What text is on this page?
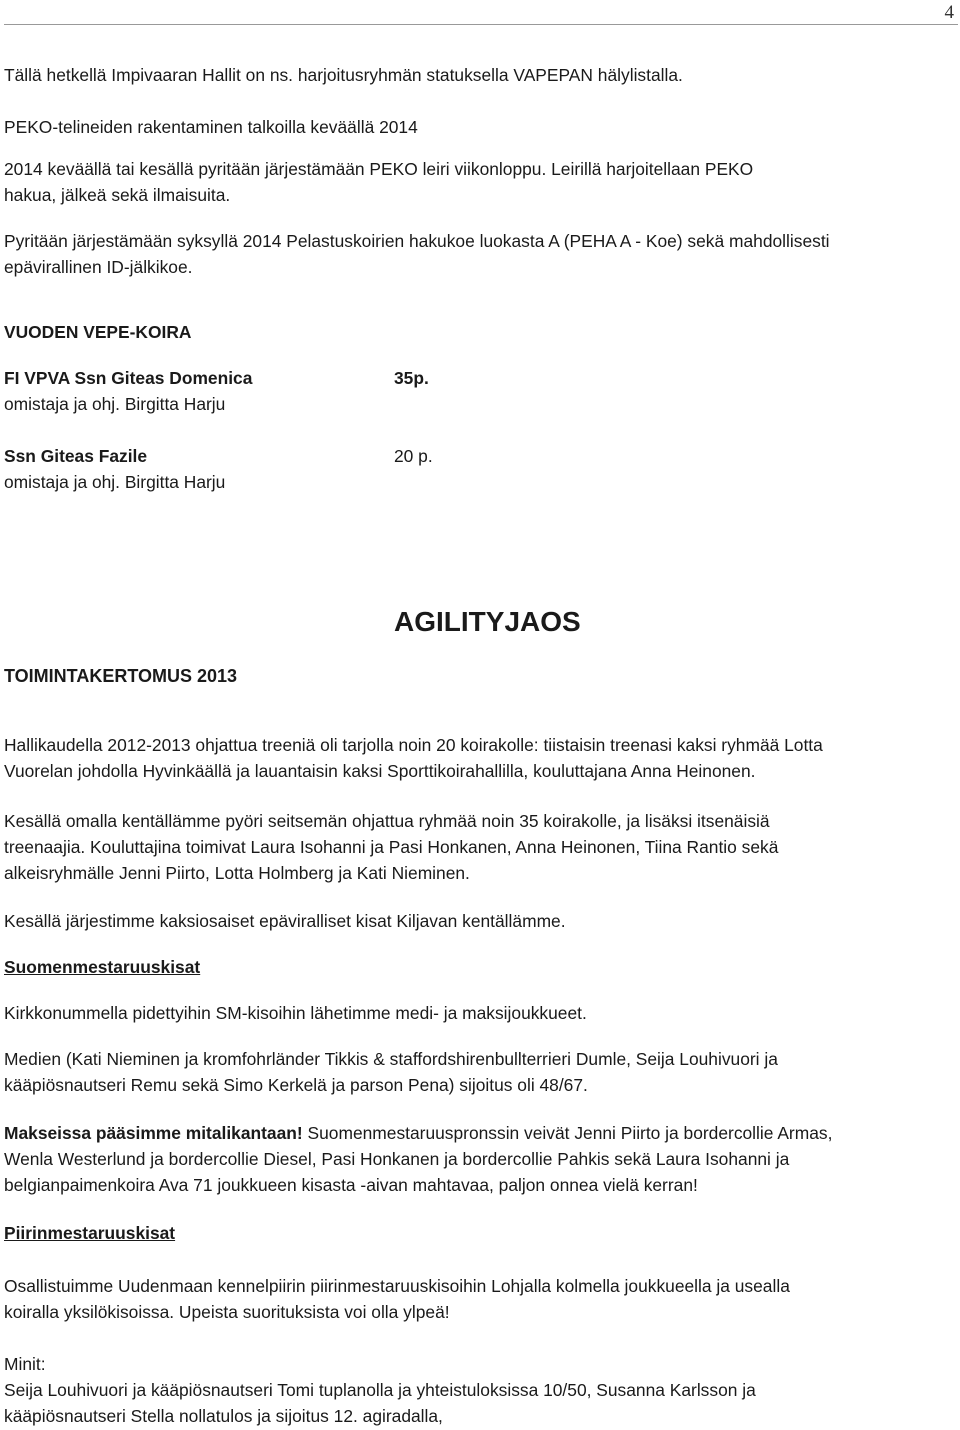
4

Tällä hetkellä Impivaaran Hallit on ns. harjoitusryhmän statuksella VAPEPAN hälylistalla.

PEKO-telineiden rakentaminen talkoilla keväällä 2014

2014 keväällä tai kesällä pyritään järjestämään PEKO leiri viikonloppu. Leirillä harjoitellaan PEKO
hakua, jälkeä sekä ilmaisuita.

Pyritään järjestämään syksyllä 2014 Pelastuskoirien hakukoe luokasta A (PEHA A - Koe) sekä mahdollisesti
epävirallinen ID-jälkikoe.

VUODEN VEPE-KOIRA

FI VPVA Ssn Giteas Domenica
omistaja ja ohj. Birgitta Harju

35p.

Ssn Giteas Fazile
omistaja ja ohj. Birgitta Harju

20 p.

AGILITYJAOS
TOIMINTAKERTOMUS 2013

Hallikaudella 2012-2013 ohjattua treeniä oli tarjolla noin 20 koirakolle: tiistaisin treenasi kaksi ryhmää Lotta
Vuorelan johdolla Hyvinkäällä ja lauantaisin kaksi Sporttikoirahallilla, kouluttajana Anna Heinonen.

Kesällä omalla kentällämme pyöri seitsemän ohjattua ryhmää noin 35 koirakolle, ja lisäksi itsenäisiä
treenaajia. Kouluttajina toimivat Laura Isohanni ja Pasi Honkanen, Anna Heinonen, Tiina Rantio sekä
alkeisryhmälle Jenni Piirto, Lotta Holmberg ja Kati Nieminen.

Kesällä järjestimme kaksiosaiset epäviralliset kisat Kiljavan kentällämme.

Suomenmestaruuskisat

Kirkkonummella pidettyihin SM-kisoihin lähetimme medi- ja maksijoukkueet.

Medien (Kati Nieminen ja kromfohrländer Tikkis & staffordshirenbullterrieri Dumle, Seija Louhivuori ja
kääpiösnautseri Remu sekä Simo Kerkelä ja parson Pena) sijoitus oli 48/67.

Makseissa pääsimme mitalikantaan! Suomenmestaruuspronssin veivät Jenni Piirto ja bordercollie Armas,
Wenla Westerlund ja bordercollie Diesel, Pasi Honkanen ja bordercollie Pahkis sekä Laura Isohanni ja
belgianpaimenkoira Ava 71 joukkueen kisasta -aivan mahtavaa, paljon onnea vielä kerran!

Piirinmestaruuskisat

Osallistuimme Uudenmaan kennelpiirin piirinmestaruuskisoihin Lohjalla kolmella joukkueella ja usealla
koiralla yksilökisoissa. Upeista suorituksista voi olla ylpeä!

Minit:
Seija Louhivuori ja kääpiösnautseri Tomi tuplanolla ja yhteistuloksissa 10/50, Susanna Karlsson ja
kääpiösnautseri Stella nollatulos ja sijoitus 12. agiradalla,
